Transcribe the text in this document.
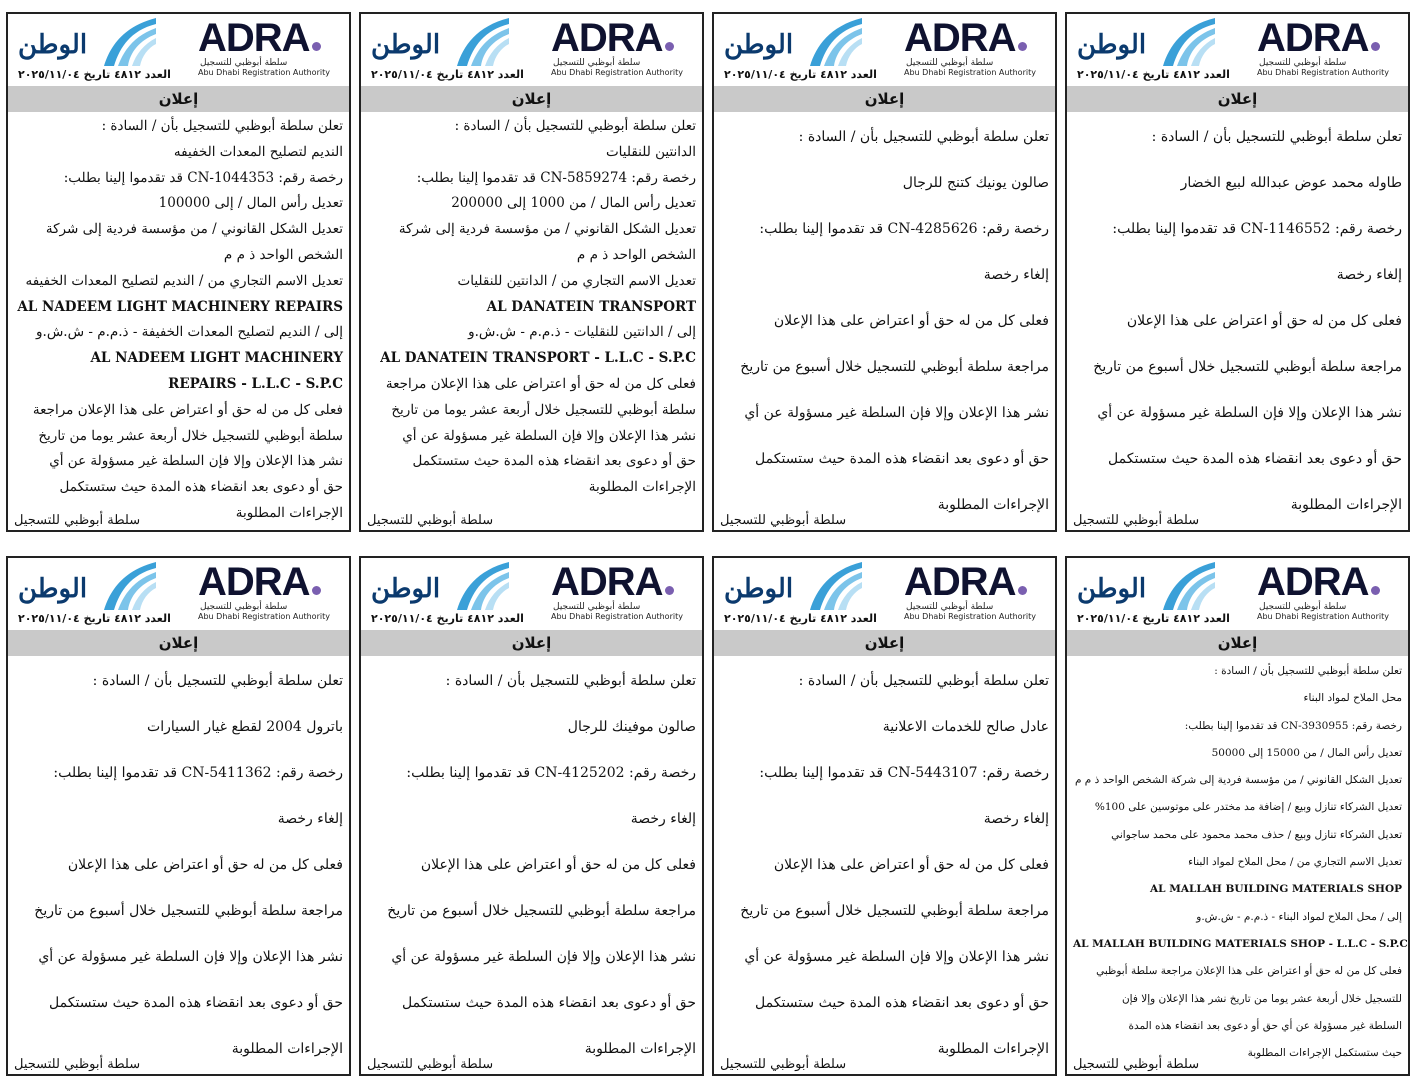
الوطن
العدد ٤٨١٢ تاريخ ٢٠٢٥/١١/٠٤
ADRA
سلطة أبوظبي للتسجيل
Abu Dhabi Registration Authority
إعلان
تعلن سلطة أبوظبي للتسجيل بأن / السادة :
طاوله محمد عوض عبدالله لبيع الخضار
رخصة رقم: CN-1146552 قد تقدموا إلينا بطلب:
إلغاء رخصة
فعلى كل من له حق أو اعتراض على هذا الإعلان
مراجعة سلطة أبوظبي للتسجيل خلال أسبوع من تاريخ
نشر هذا الإعلان وإلا فإن السلطة غير مسؤولة عن أي
حق أو دعوى بعد انقضاء هذه المدة حيث ستستكمل
الإجراءات المطلوبة
سلطة أبوظبي للتسجيل
الوطن
العدد ٤٨١٢ تاريخ ٢٠٢٥/١١/٠٤
ADRA
سلطة أبوظبي للتسجيل
Abu Dhabi Registration Authority
إعلان
تعلن سلطة أبوظبي للتسجيل بأن / السادة :
صالون يونيك كتنج للرجال
رخصة رقم: CN-4285626 قد تقدموا إلينا بطلب:
إلغاء رخصة
فعلى كل من له حق أو اعتراض على هذا الإعلان
مراجعة سلطة أبوظبي للتسجيل خلال أسبوع من تاريخ
نشر هذا الإعلان وإلا فإن السلطة غير مسؤولة عن أي
حق أو دعوى بعد انقضاء هذه المدة حيث ستستكمل
الإجراءات المطلوبة
سلطة أبوظبي للتسجيل
الوطن
العدد ٤٨١٢ تاريخ ٢٠٢٥/١١/٠٤
ADRA
سلطة أبوظبي للتسجيل
Abu Dhabi Registration Authority
إعلان
تعلن سلطة أبوظبي للتسجيل بأن / السادة :
الدانتين للنقليات
رخصة رقم: CN-5859274 قد تقدموا إلينا بطلب:
تعديل رأس المال / من 1000 إلى 200000
تعديل الشكل القانوني / من مؤسسة فردية إلى شركة
الشخص الواحد ذ م م
تعديل الاسم التجاري من / الدانتين للنقليات
AL DANATEIN TRANSPORT
إلى / الدانتين للنقليات - ذ.م.م - ش.ش.و
AL DANATEIN TRANSPORT - L.L.C - S.P.C
فعلى كل من له حق أو اعتراض على هذا الإعلان مراجعة
سلطة أبوظبي للتسجيل خلال أربعة عشر يوما من تاريخ
نشر هذا الإعلان وإلا فإن السلطة غير مسؤولة عن أي
حق أو دعوى بعد انقضاء هذه المدة حيث ستستكمل
الإجراءات المطلوبة
سلطة أبوظبي للتسجيل
الوطن
العدد ٤٨١٢ تاريخ ٢٠٢٥/١١/٠٤
ADRA
سلطة أبوظبي للتسجيل
Abu Dhabi Registration Authority
إعلان
تعلن سلطة أبوظبي للتسجيل بأن / السادة :
النديم لتصليح المعدات الخفيفه
رخصة رقم: CN-1044353 قد تقدموا إلينا بطلب:
تعديل رأس المال / إلى 100000
تعديل الشكل القانوني / من مؤسسة فردية إلى شركة
الشخص الواحد ذ م م
تعديل الاسم التجاري من / النديم لتصليح المعدات الخفيفه
AL NADEEM LIGHT MACHINERY REPAIRS
إلى / النديم لتصليح المعدات الخفيفة - ذ.م.م - ش.ش.و
AL NADEEM LIGHT MACHINERY
REPAIRS - L.L.C - S.P.C
فعلى كل من له حق أو اعتراض على هذا الإعلان مراجعة
سلطة أبوظبي للتسجيل خلال أربعة عشر يوما من تاريخ
نشر هذا الإعلان وإلا فإن السلطة غير مسؤولة عن أي
حق أو دعوى بعد انقضاء هذه المدة حيث ستستكمل
الإجراءات المطلوبة
سلطة أبوظبي للتسجيل
الوطن
العدد ٤٨١٢ تاريخ ٢٠٢٥/١١/٠٤
ADRA
سلطة أبوظبي للتسجيل
Abu Dhabi Registration Authority
إعلان
تعلن سلطة أبوظبي للتسجيل بأن / السادة :
محل الملاح لمواد البناء
رخصة رقم: CN-3930955 قد تقدموا إلينا بطلب:
تعديل رأس المال / من 15000 إلى 50000
تعديل الشكل القانوني / من مؤسسة فردية إلى شركة الشخص الواحد ذ م م
تعديل الشركاء تنازل وبيع / إضافة مد مختدر على موتوسين على 100%
تعديل الشركاء تنازل وبيع / حذف محمد محمود على محمد ساجواني
تعديل الاسم التجاري من / محل الملاح لمواد البناء
AL MALLAH BUILDING MATERIALS SHOP
إلى / محل الملاح لمواد البناء - ذ.م.م - ش.ش.و
AL MALLAH BUILDING MATERIALS SHOP - L.L.C - S.P.C
فعلى كل من له حق أو اعتراض على هذا الإعلان مراجعة سلطة أبوظبي
للتسجيل خلال أربعة عشر يوما من تاريخ نشر هذا الإعلان وإلا فإن
السلطة غير مسؤولة عن أي حق أو دعوى بعد انقضاء هذه المدة
حيث ستستكمل الإجراءات المطلوبة
سلطة أبوظبي للتسجيل
الوطن
العدد ٤٨١٢ تاريخ ٢٠٢٥/١١/٠٤
ADRA
سلطة أبوظبي للتسجيل
Abu Dhabi Registration Authority
إعلان
تعلن سلطة أبوظبي للتسجيل بأن / السادة :
عادل صالح للخدمات الاعلانية
رخصة رقم: CN-5443107 قد تقدموا إلينا بطلب:
إلغاء رخصة
فعلى كل من له حق أو اعتراض على هذا الإعلان
مراجعة سلطة أبوظبي للتسجيل خلال أسبوع من تاريخ
نشر هذا الإعلان وإلا فإن السلطة غير مسؤولة عن أي
حق أو دعوى بعد انقضاء هذه المدة حيث ستستكمل
الإجراءات المطلوبة
سلطة أبوظبي للتسجيل
الوطن
العدد ٤٨١٢ تاريخ ٢٠٢٥/١١/٠٤
ADRA
سلطة أبوظبي للتسجيل
Abu Dhabi Registration Authority
إعلان
تعلن سلطة أبوظبي للتسجيل بأن / السادة :
صالون موفينك للرجال
رخصة رقم: CN-4125202 قد تقدموا إلينا بطلب:
إلغاء رخصة
فعلى كل من له حق أو اعتراض على هذا الإعلان
مراجعة سلطة أبوظبي للتسجيل خلال أسبوع من تاريخ
نشر هذا الإعلان وإلا فإن السلطة غير مسؤولة عن أي
حق أو دعوى بعد انقضاء هذه المدة حيث ستستكمل
الإجراءات المطلوبة
سلطة أبوظبي للتسجيل
الوطن
العدد ٤٨١٢ تاريخ ٢٠٢٥/١١/٠٤
ADRA
سلطة أبوظبي للتسجيل
Abu Dhabi Registration Authority
إعلان
تعلن سلطة أبوظبي للتسجيل بأن / السادة :
باترول 2004 لقطع غيار السيارات
رخصة رقم: CN-5411362 قد تقدموا إلينا بطلب:
إلغاء رخصة
فعلى كل من له حق أو اعتراض على هذا الإعلان
مراجعة سلطة أبوظبي للتسجيل خلال أسبوع من تاريخ
نشر هذا الإعلان وإلا فإن السلطة غير مسؤولة عن أي
حق أو دعوى بعد انقضاء هذه المدة حيث ستستكمل
الإجراءات المطلوبة
سلطة أبوظبي للتسجيل
